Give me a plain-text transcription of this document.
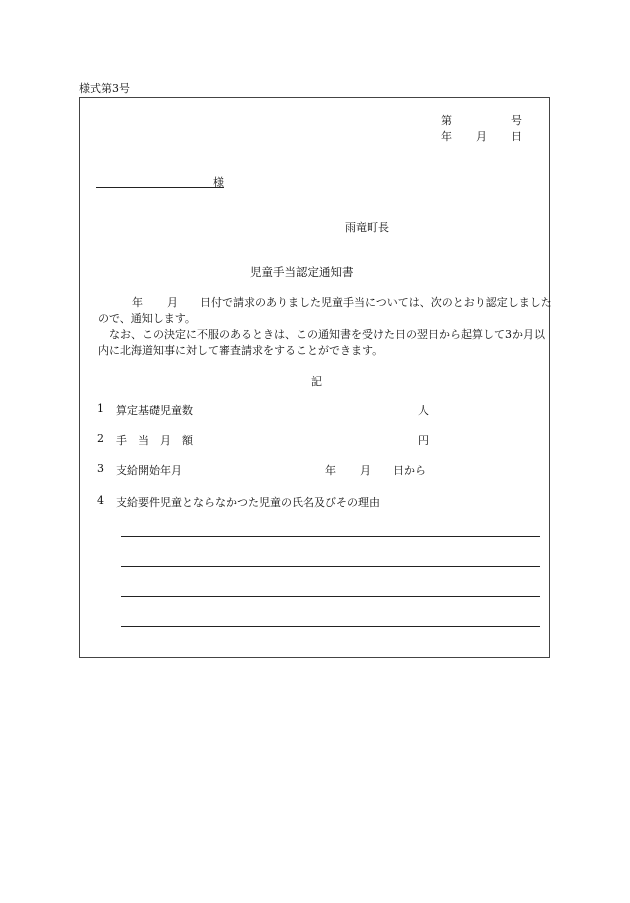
様式第3号
第	号
年 月 日
様
雨竜町長
児童手当認定通知書
年 月 日付で請求のありました児童手当については、次のとおり認定しましたので、通知します。
なお、この決定に不服のあるときは、この通知書を受けた日の翌日から起算して3か月以内に北海道知事に対して審査請求をすることができます。
記
1 算定基礎児童数	人
2 手　当　月　額	円
3 支給開始年月	年 月 日から
4 支給要件児童とならなかつた児童の氏名及びその理由
